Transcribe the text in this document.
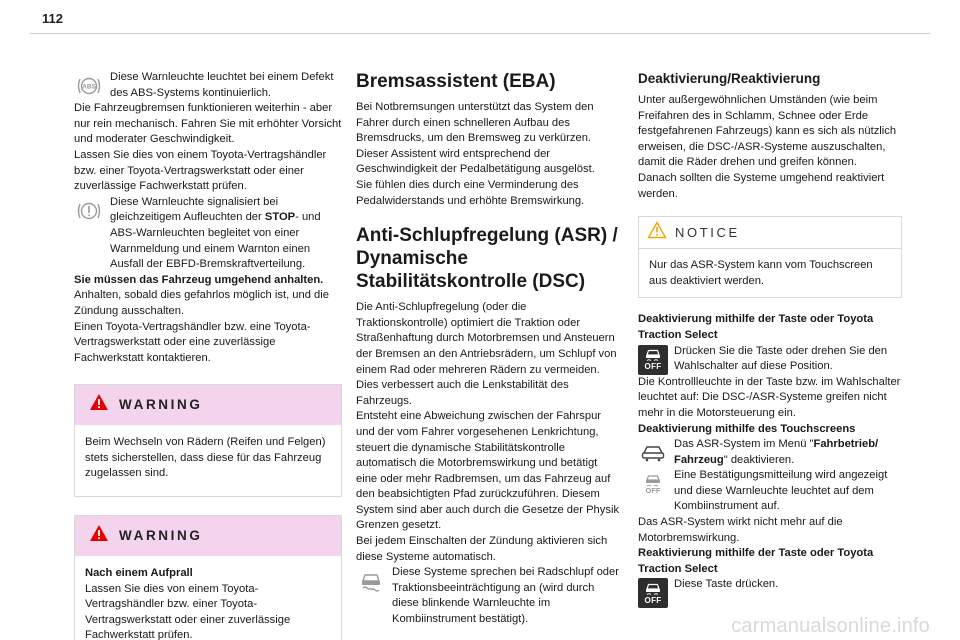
112
ABS

Diese Warnleuchte leuchtet bei einem Defekt des ABS-Systems kontinuierlich.

Die Fahrzeugbremsen funktionieren weiterhin - aber nur rein mechanisch. Fahren Sie mit erhöhter Vorsicht und moderater Geschwindigkeit.

Lassen Sie dies von einem Toyota-Vertragshändler bzw. einer Toyota-Vertragswerkstatt oder einer zuverlässige Fachwerkstatt prüfen.

Diese Warnleuchte signalisiert bei gleichzeitigem Aufleuchten der STOP- und ABS-Warnleuchten begleitet von einer Warnmeldung und einem Warnton einen Ausfall der EBFD-Bremskraftverteilung.

Sie müssen das Fahrzeug umgehend anhalten.

Anhalten, sobald dies gefahrlos möglich ist, und die Zündung ausschalten.

Einen Toyota-Vertragshändler bzw. eine Toyota-Vertragswerkstatt oder eine zuverlässige Fachwerkstatt kontaktieren.

WARNING
Beim Wechseln von Rädern (Reifen und Felgen) stets sicherstellen, dass diese für das Fahrzeug zugelassen sind.
WARNING

Nach einem Aufprall

Lassen Sie dies von einem Toyota-Vertragshändler bzw. einer Toyota-Vertragswerkstatt oder einer zuverlässige Fachwerkstatt prüfen.

Bremsassistent (EBA)

Bei Notbremsungen unterstützt das System den Fahrer durch einen schnelleren Aufbau des Bremsdrucks, um den Bremsweg zu verkürzen.

Dieser Assistent wird entsprechend der Geschwindigkeit der Pedalbetätigung ausgelöst.

Sie fühlen dies durch eine Verminderung des Pedalwiderstands und erhöhte Bremswirkung.

Anti-Schlupfregelung (ASR) / Dynamische Stabilitätskontrolle (DSC)

Die Anti-Schlupfregelung (oder die Traktionskontrolle) optimiert die Traktion oder Straßenhaftung durch Motorbremsen und Ansteuern der Bremsen an den Antriebsrädern, um Schlupf von einem Rad oder mehreren Rädern zu vermeiden. Dies verbessert auch die Lenkstabilität des Fahrzeugs.

Entsteht eine Abweichung zwischen der Fahrspur und der vom Fahrer vorgesehenen Lenkrichtung, steuert die dynamische Stabilitätskontrolle automatisch die Motorbremswirkung und betätigt eine oder mehr Radbremsen, um das Fahrzeug auf den beabsichtigten Pfad zurückzuführen. Diesem System sind aber auch durch die Gesetze der Physik Grenzen gesetzt.

Bei jedem Einschalten der Zündung aktivieren sich diese Systeme automatisch.

Diese Systeme sprechen bei Radschlupf oder Traktionsbeeinträchtigung an (wird durch diese blinkende Warnleuchte im Kombiinstrument bestätigt).

Deaktivierung/Reaktivierung

Unter außergewöhnlichen Umständen (wie beim Freifahren des in Schlamm, Schnee oder Erde festgefahrenen Fahrzeugs) kann es sich als nützlich erweisen, die DSC-/ASR-Systeme auszuschalten, damit die Räder drehen und greifen können.

Danach sollten die Systeme umgehend reaktiviert werden.

NOTICE
Nur das ASR-System kann vom Touchscreen aus deaktiviert werden.

Deaktivierung mithilfe der Taste oder Toyota Traction Select

OFF

Drücken Sie die Taste oder drehen Sie den Wahlschalter auf diese Position.

Die Kontrollleuchte in der Taste bzw. im Wahlschalter leuchtet auf: Die DSC-/ASR-Systeme greifen nicht mehr in die Motorsteuerung ein.

Deaktivierung mithilfe des Touchscreens

Das ASR-System im Menü "Fahrbetrieb/ Fahrzeug" deaktivieren.

OFF

Eine Bestätigungsmitteilung wird angezeigt und diese Warnleuchte leuchtet auf dem Kombiinstrument auf.

Das ASR-System wirkt nicht mehr auf die Motorbremswirkung.

Reaktivierung mithilfe der Taste oder Toyota Traction Select

OFF

Diese Taste drücken.

carmanualsonline.info
